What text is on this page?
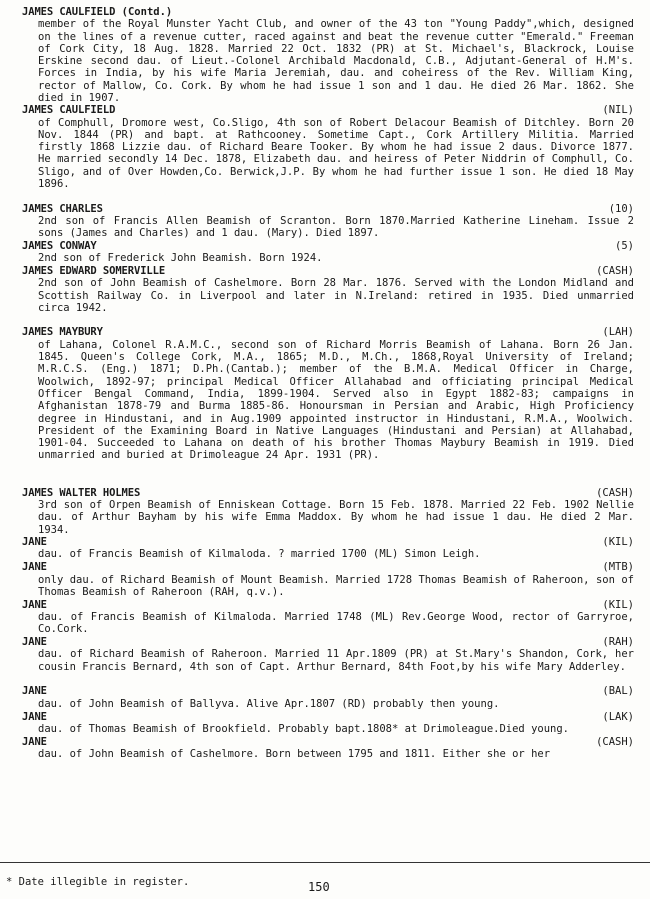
JAMES CAULFIELD (Contd.)
member of the Royal Munster Yacht Club, and owner of the 43 ton "Young Paddy",which, designed on the lines of a revenue cutter, raced against and beat the revenue cutter "Emerald." Freeman of Cork City, 18 Aug. 1828. Married 22 Oct. 1832 (PR) at St. Michael's, Blackrock, Louise Erskine second dau. of Lieut.-Colonel Archibald Macdonald, C.B., Adjutant-General of H.M's. Forces in India, by his wife Maria Jeremiah, dau. and coheiress of the Rev. William King, rector of Mallow, Co. Cork. By whom he had issue 1 son and 1 dau. He died 26 Mar. 1862. She died in 1907.
JAMES CAULFIELD	(NIL)
of Comphull, Dromore west, Co.Sligo, 4th son of Robert Delacour Beamish of Ditchley. Born 20 Nov. 1844 (PR) and bapt. at Rathcooney. Sometime Capt., Cork Artillery Militia. Married firstly 1868 Lizzie dau. of Richard Beare Tooker. By whom he had issue 2 daus. Divorce 1877. He married secondly 14 Dec. 1878, Elizabeth dau. and heiress of Peter Niddrin of Comphull, Co. Sligo, and of Over Howden,Co. Berwick,J.P. By whom he had further issue 1 son. He died 18 May 1896.
JAMES CHARLES	(10)
2nd son of Francis Allen Beamish of Scranton. Born 1870.Married Katherine Lineham. Issue 2 sons (James and Charles) and 1 dau. (Mary). Died 1897.
JAMES CONWAY	(5)
2nd son of Frederick John Beamish. Born 1924.
JAMES EDWARD SOMERVILLE	(CASH)
2nd son of John Beamish of Cashelmore. Born 28 Mar. 1876. Served with the London Midland and Scottish Railway Co. in Liverpool and later in N.Ireland: retired in 1935. Died unmarried circa 1942.
JAMES MAYBURY	(LAH)
of Lahana, Colonel R.A.M.C., second son of Richard Morris Beamish of Lahana. Born 26 Jan. 1845. Queen's College Cork, M.A., 1865; M.D., M.Ch., 1868,Royal University of Ireland; M.R.C.S. (Eng.) 1871; D.Ph.(Cantab.); member of the B.M.A. Medical Officer in Charge, Woolwich, 1892-97; principal Medical Officer Allahabad and officiating principal Medical Officer Bengal Command, India, 1899-1904. Served also in Egypt 1882-83; campaigns in Afghanistan 1878-79 and Burma 1885-86. Honoursman in Persian and Arabic, High Proficiency degree in Hindustani, and in Aug.1909 appointed instructor in Hindustani, R.M.A., Woolwich. President of the Examining Board in Native Languages (Hindustani and Persian) at Allahabad, 1901-04. Succeeded to Lahana on death of his brother Thomas Maybury Beamish in 1919. Died unmarried and buried at Drimoleague 24 Apr. 1931 (PR).
JAMES WALTER HOLMES	(CASH)
3rd son of Orpen Beamish of Enniskean Cottage. Born 15 Feb. 1878. Married 22 Feb. 1902 Nellie dau. of Arthur Bayham by his wife Emma Maddox. By whom he had issue 1 dau. He died 2 Mar. 1934.
JANE	(KIL)
dau. of Francis Beamish of Kilmaloda. ? married 1700 (ML) Simon Leigh.
JANE	(MTB)
only dau. of Richard Beamish of Mount Beamish. Married 1728 Thomas Beamish of Raheroon, son of Thomas Beamish of Raheroon (RAH, q.v.).
JANE	(KIL)
dau. of Francis Beamish of Kilmaloda. Married 1748 (ML) Rev.George Wood, rector of Garryroe, Co.Cork.
JANE	(RAH)
dau. of Richard Beamish of Raheroon. Married 11 Apr.1809 (PR) at St.Mary's Shandon, Cork, her cousin Francis Bernard, 4th son of Capt. Arthur Bernard, 84th Foot,by his wife Mary Adderley.
JANE	(BAL)
dau. of John Beamish of Ballyva. Alive Apr.1807 (RD) probably then young.
JANE	(LAK)
dau. of Thomas Beamish of Brookfield. Probably bapt.1808* at Drimoleague.Died young.
JANE	(CASH)
dau. of John Beamish of Cashelmore. Born between 1795 and 1811. Either she or her
* Date illegible in register.	150
